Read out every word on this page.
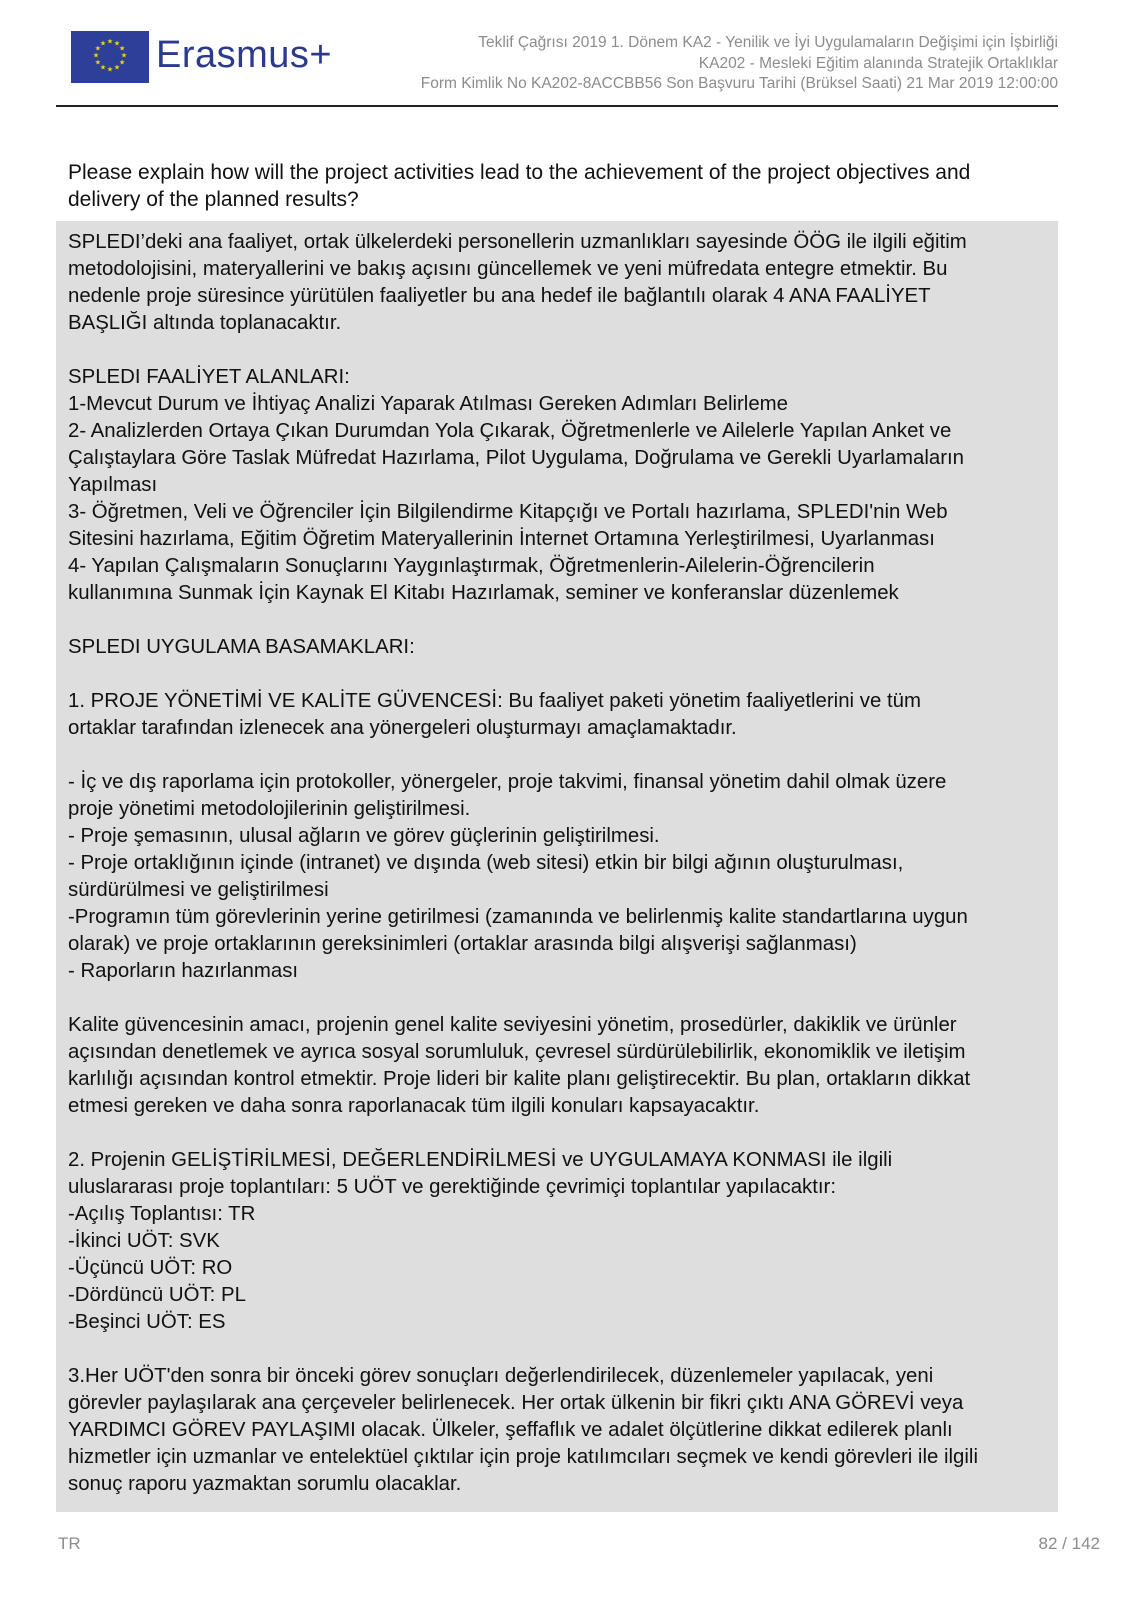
★ ★
★
★
★
★
★
★
★
★
★
★ Erasmus+	Teklif Çağrısı 2019 1. Dönem KA2 - Yenilik ve İyi Uygulamaların Değişimi için İşbirliği
KA202 - Mesleki Eğitim alanında Stratejik Ortaklıklar
Form Kimlik No KA202-8ACCBB56 Son Başvuru Tarihi (Brüksel Saati) 21 Mar 2019 12:00:00
Please explain how will the project activities lead to the achievement of the project objectives and
delivery of the planned results?
SPLEDI’deki ana faaliyet, ortak ülkelerdeki personellerin uzmanlıkları sayesinde ÖÖG ile ilgili eğitim
metodolojisini, materyallerini ve bakış açısını güncellemek ve yeni müfredata entegre etmektir. Bu
nedenle proje süresince yürütülen faaliyetler bu ana hedef ile bağlantılı olarak 4 ANA FAALİYET
BAŞLIĞI altında toplanacaktır.
SPLEDI FAALİYET ALANLARI:
1-Mevcut Durum ve İhtiyaç Analizi Yaparak Atılması Gereken Adımları Belirleme
2- Analizlerden Ortaya Çıkan Durumdan Yola Çıkarak, Öğretmenlerle ve Ailelerle Yapılan Anket ve
Çalıştaylara Göre Taslak Müfredat Hazırlama, Pilot Uygulama, Doğrulama ve Gerekli Uyarlamaların
Yapılması
3- Öğretmen, Veli ve Öğrenciler İçin Bilgilendirme Kitapçığı ve Portalı hazırlama, SPLEDI'nin Web
Sitesini hazırlama, Eğitim Öğretim Materyallerinin İnternet Ortamına Yerleştirilmesi, Uyarlanması
4- Yapılan Çalışmaların Sonuçlarını Yaygınlaştırmak, Öğretmenlerin-Ailelerin-Öğrencilerin
kullanımına Sunmak İçin Kaynak El Kitabı Hazırlamak, seminer ve konferanslar düzenlemek
SPLEDI UYGULAMA BASAMAKLARI:
1. PROJE YÖNETİMİ VE KALİTE GÜVENCESİ: Bu faaliyet paketi yönetim faaliyetlerini ve tüm
ortaklar tarafından izlenecek ana yönergeleri oluşturmayı amaçlamaktadır.
- İç ve dış raporlama için protokoller, yönergeler, proje takvimi, finansal yönetim dahil olmak üzere
proje yönetimi metodolojilerinin geliştirilmesi.
- Proje şemasının, ulusal ağların ve görev güçlerinin geliştirilmesi.
- Proje ortaklığının içinde (intranet) ve dışında (web sitesi) etkin bir bilgi ağının oluşturulması,
sürdürülmesi ve geliştirilmesi
-Programın tüm görevlerinin yerine getirilmesi (zamanında ve belirlenmiş kalite standartlarına uygun
olarak) ve proje ortaklarının gereksinimleri (ortaklar arasında bilgi alışverişi sağlanması)
- Raporların hazırlanması
Kalite güvencesinin amacı, projenin genel kalite seviyesini yönetim, prosedürler, dakiklik ve ürünler
açısından denetlemek ve ayrıca sosyal sorumluluk, çevresel sürdürülebilirlik, ekonomiklik ve iletişim
karlılığı açısından kontrol etmektir. Proje lideri bir kalite planı geliştirecektir. Bu plan, ortakların dikkat
etmesi gereken ve daha sonra raporlanacak tüm ilgili konuları kapsayacaktır.
2. Projenin GELİŞTİRİLMESİ, DEĞERLENDİRİLMESİ ve UYGULAMAYA KONMASI ile ilgili
uluslararası proje toplantıları: 5 UÖT ve gerektiğinde çevrimiçi toplantılar yapılacaktır:
-Açılış Toplantısı: TR
-İkinci UÖT: SVK
-Üçüncü UÖT: RO
-Dördüncü UÖT: PL
-Beşinci UÖT: ES
3.Her UÖT'den sonra bir önceki görev sonuçları değerlendirilecek, düzenlemeler yapılacak, yeni
görevler paylaşılarak ana çerçeveler belirlenecek. Her ortak ülkenin bir fikri çıktı ANA GÖREVİ veya
YARDIMCI GÖREV PAYLAŞIMI olacak. Ülkeler, şeffaflık ve adalet ölçütlerine dikkat edilerek planlı
hizmetler için uzmanlar ve entelektüel çıktılar için proje katılımcıları seçmek ve kendi görevleri ile ilgili
sonuç raporu yazmaktan sorumlu olacaklar.
TR	82 / 142
